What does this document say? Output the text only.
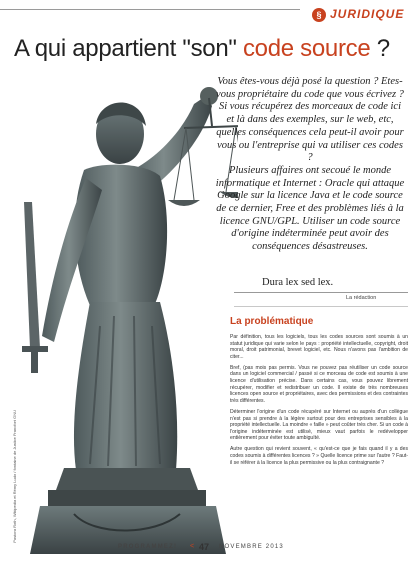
§ JURIDIQUE
A qui appartient "son" code source ?
Pastora Roth, Wikipedia et Rémy Ludo / fontaine de Justice Francfort GNU

Vous êtes-vous déjà posé la question ? Etes-vous propriétaire du code que vous écrivez ? Si vous récupérez des morceaux de code ici et là dans des exemples, sur le web, etc, quelles conséquences cela peut-il avoir pour vous ou l'entreprise qui va utiliser ces codes ?

Plusieurs affaires ont secoué le monde informatique et Internet : Oracle qui attaque Google sur la licence Java et le code source de ce dernier, Free et des problèmes liés à la licence GNU/GPL. Utiliser un code source d'origine indéterminée peut avoir des conséquences désastreuses.

Dura lex sed lex.
La rédaction
La problématique

Par définition, tous les logiciels, tous les codes sources sont soumis à un statut juridique qui varie selon le pays : propriété intellectuelle, copyright, droit moral, droit patrimonial, brevet logiciel, etc. Nous n'avons pas l'ambition de citer...

Bref, (pas mois pas permis. Vous ne pouvez pas réutiliser un code source dans un logiciel commercial / passé si ce morceau de code est soumis à une licence d'utilisation précise. Dans certains cas, vous pouvez librement récupérer, modifier et redistribuer un code. Il existe de très nombreuses licences open source et propriétaires, avec des permissions et des contraintes très différentes.

Déterminer l'origine d'un code récupéré sur Internet ou auprès d'un collègue n'est pas si prendre à la légère surtout pour des entreprises sensibles à la propriété intellectuelle. La moindre « faille » peut coûter très cher. Si un code à l'origine indéterminée est utilisé, mieux vaut parfois le redévelopper entièrement pour éviter toute ambiguïté.

Autre question qui revient souvent, « qu'est-ce que je fais quand il y a des codes soumis à différentes licences ? » Quelle licence prime sur l'autre ? Faut-il se référer à la licence la plus permissive ou la plus contraignante ?

PROGRAMMEZ! < 47 NOVEMBRE 2013
